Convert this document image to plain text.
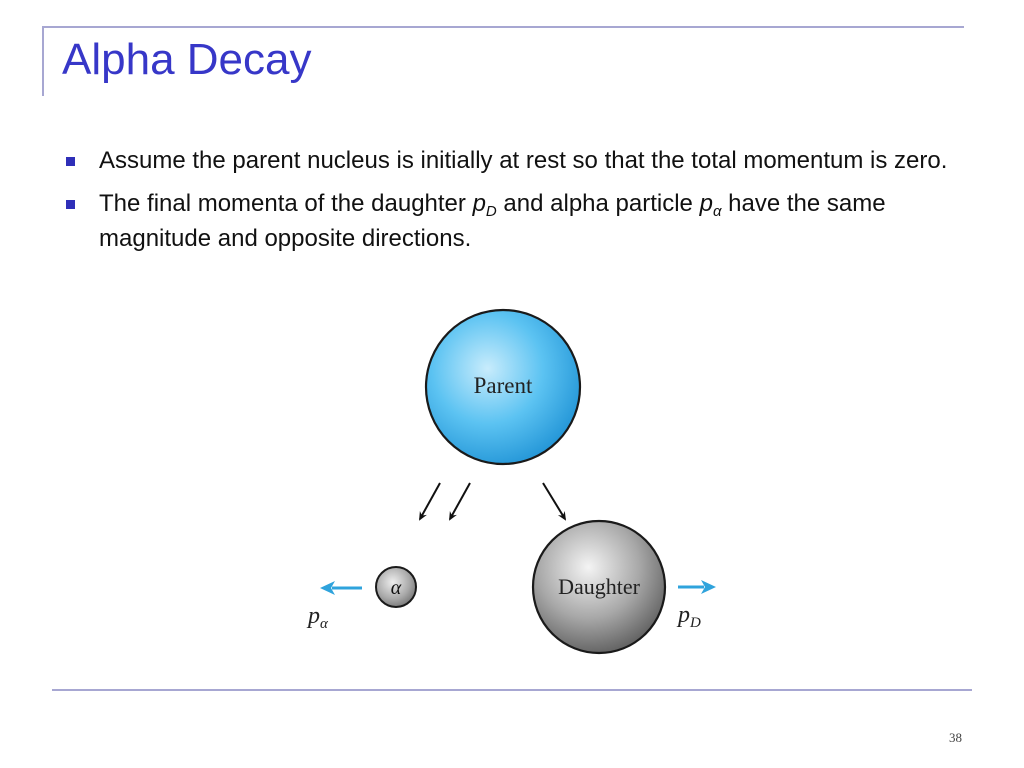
Alpha Decay
Assume the parent nucleus is initially at rest so that the total momentum is zero.
The final momenta of the daughter $p_D$ and alpha particle $p_\alpha$ have the same magnitude and opposite directions.
Parent
α
$p_\alpha$
Daughter
$p_D$
38
